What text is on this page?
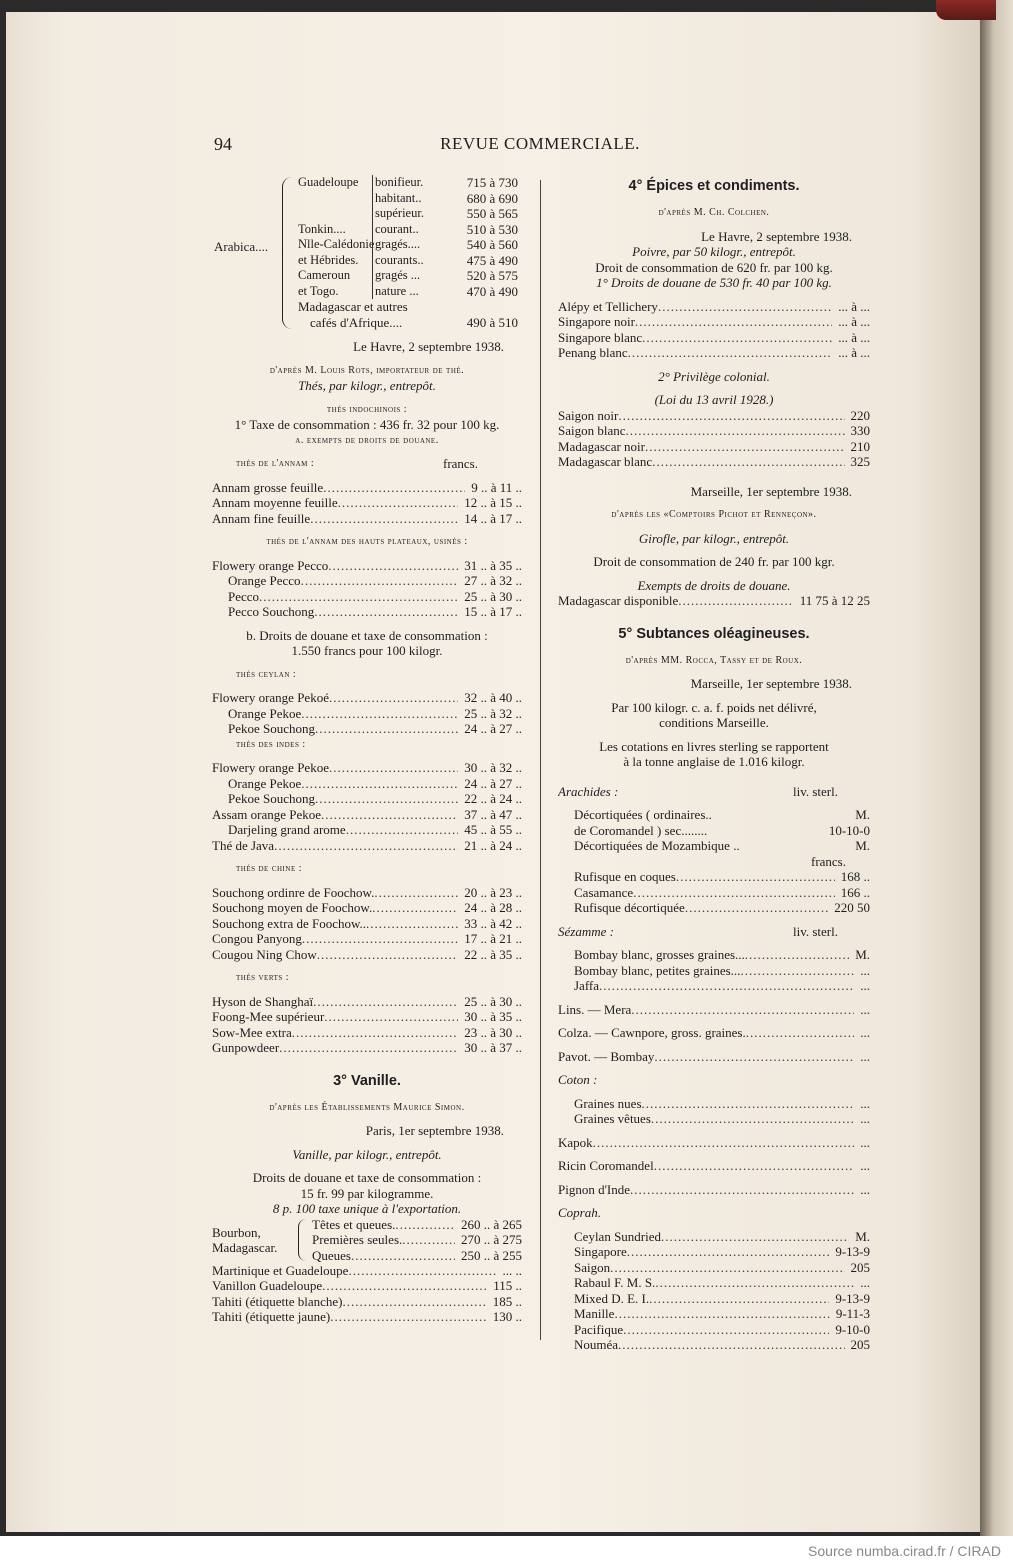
Source numba.cirad.fr / CIRAD
94	REVUE COMMERCIALE.
Arabica....
Guadeloupe	bonifieur.	715 à 730
habitant..	680 à 690
supérieur.	550 à 565
Tonkin....	courant..	510 à 530
Nlle-Calédonie gragés....	540 à 560
et Hébrides.	courants..	475 à 490
Cameroun	gragés ...	520 à 575
et Togo.	nature ...	470 à 490
Madagascar et autres
cafés d'Afrique....	490 à 510
Le Havre, 2 septembre 1938.
d'après M. Louis Rots, importateur de thé.
Thés, par kilogr., entrepôt.
thés indochinois :
1° Taxe de consommation : 436 fr. 32 pour 100 kg.
a. exempts de droits de douane.
thés de l'annam :	francs.
Annam grosse feuille .....	9 .. à 11 ..
Annam moyenne feuille .....	12 .. à 15 ..
Annam fine feuille .....	14 .. à 17 ..
thés de l'annam des hauts plateaux, usinés :
Flowery orange Pecco .....	31 .. à 35 ..
Orange Pecco .....	27 .. à 32 ..
Pecco .....	25 .. à 30 ..
Pecco Souchong .....	15 .. à 17 ..
b. Droits de douane et taxe de consommation :
1.550 francs pour 100 kilogr.
thés ceylan :
Flowery orange Pekoé .....	32 .. à 40 ..
Orange Pekoe .....	25 .. à 32 ..
Pekoe Souchong .....	24 .. à 27 ..
thés des indes :
Flowery orange Pekoe .....	30 .. à 32 ..
Orange Pekoe .....	24 .. à 27 ..
Pekoe Souchong .....	22 .. à 24 ..
Assam orange Pekoe .....	37 .. à 47 ..
Darjeling grand arome .....	45 .. à 55 ..
Thé de Java .....	21 .. à 24 ..
thés de chine :
Souchong ordinre de Foochow. .....	20 .. à 23 ..
Souchong moyen de Foochow. .....	24 .. à 28 ..
Souchong extra de Foochow.. .....	33 .. à 42 ..
Congou Panyong .....	17 .. à 21 ..
Cougou Ning Chow .....	22 .. à 35 ..
thés verts :
Hyson de Shanghaï .....	25 .. à 30 ..
Foong-Mee supérieur .....	30 .. à 35 ..
Sow-Mee extra .....	23 .. à 30 ..
Gunpowdeer .....	30 .. à 37 ..
3° Vanille.
d'après les Établissements Maurice Simon.
Paris, 1er septembre 1938.
Vanille, par kilogr., entrepôt.
Droits de douane et taxe de consommation :
15 fr. 99 par kilogramme.
8 p. 100 taxe unique à l'exportation.
Bourbon,
Madagascar.
Têtes et queues. .....	260 .. à 265
Premières seules. .....	270 .. à 275
Queues .....	250 .. à 255
Martinique et Guadeloupe .....	... ..
Vanillon Guadeloupe .....	115 ..
Tahiti (étiquette blanche) .....	185 ..
Tahiti (étiquette jaune) .....	130 ..
4° Épices et condiments.
d'après M. Ch. Colchen.
Le Havre, 2 septembre 1938.
Poivre, par 50 kilogr., entrepôt.
Droit de consommation de 620 fr. par 100 kg.
1° Droits de douane de 530 fr. 40 par 100 kg.
Alépy et Tellichery .....	... à ...
Singapore noir .....	... à ...
Singapore blanc .....	... à ...
Penang blanc .....	... à ...
2° Privilège colonial.
(Loi du 13 avril 1928.)
Saigon noir .....	220
Saigon blanc .....	330
Madagascar noir .....	210
Madagascar blanc .....	325
Marseille, 1er septembre 1938.
d'après les «Comptoirs Pichot et Renneçon».
Girofle, par kilogr., entrepôt.
Droit de consommation de 240 fr. par 100 kgr.
Exempts de droits de douane.
Madagascar disponible .....	11 75 à 12 25
5° Subtances oléagineuses.
d'après MM. Rocca, Tassy et de Roux.
Marseille, 1er septembre 1938.
Par 100 kilogr. c. a. f. poids net délivré,
conditions Marseille.
Les cotations en livres sterling se rapportent
à la tonne anglaise de 1.016 kilogr.
Arachides :	liv. sterl.
Décortiquées ( ordinaires..	M.
de Coromandel ) sec........	10-10-0
Décortiquées de Mozambique ..	M.
francs.
Rufisque en coques .....	168 ..
Casamance .....	166 ..
Rufisque décortiquée .....	220 50
Sézamme :	liv. sterl.
Bombay blanc, grosses graines... .....	M.
Bombay blanc, petites graines... .....	...
Jaffa .....	...
Lins. — Mera .....	...
Colza. — Cawnpore, gross. graines. .....	...
Pavot. — Bombay .....	...
Coton :
Graines nues .....	...
Graines vêtues .....	...
Kapok .....	...
Ricin Coromandel .....	...
Pignon d'Inde .....	...
Coprah.
Ceylan Sundried .....	M.
Singapore .....	9-13-9
Saigon .....	205
Rabaul F. M. S. .....	...
Mixed D. E. I. .....	9-13-9
Manille .....	9-11-3
Pacifique .....	9-10-0
Nouméa .....	205
